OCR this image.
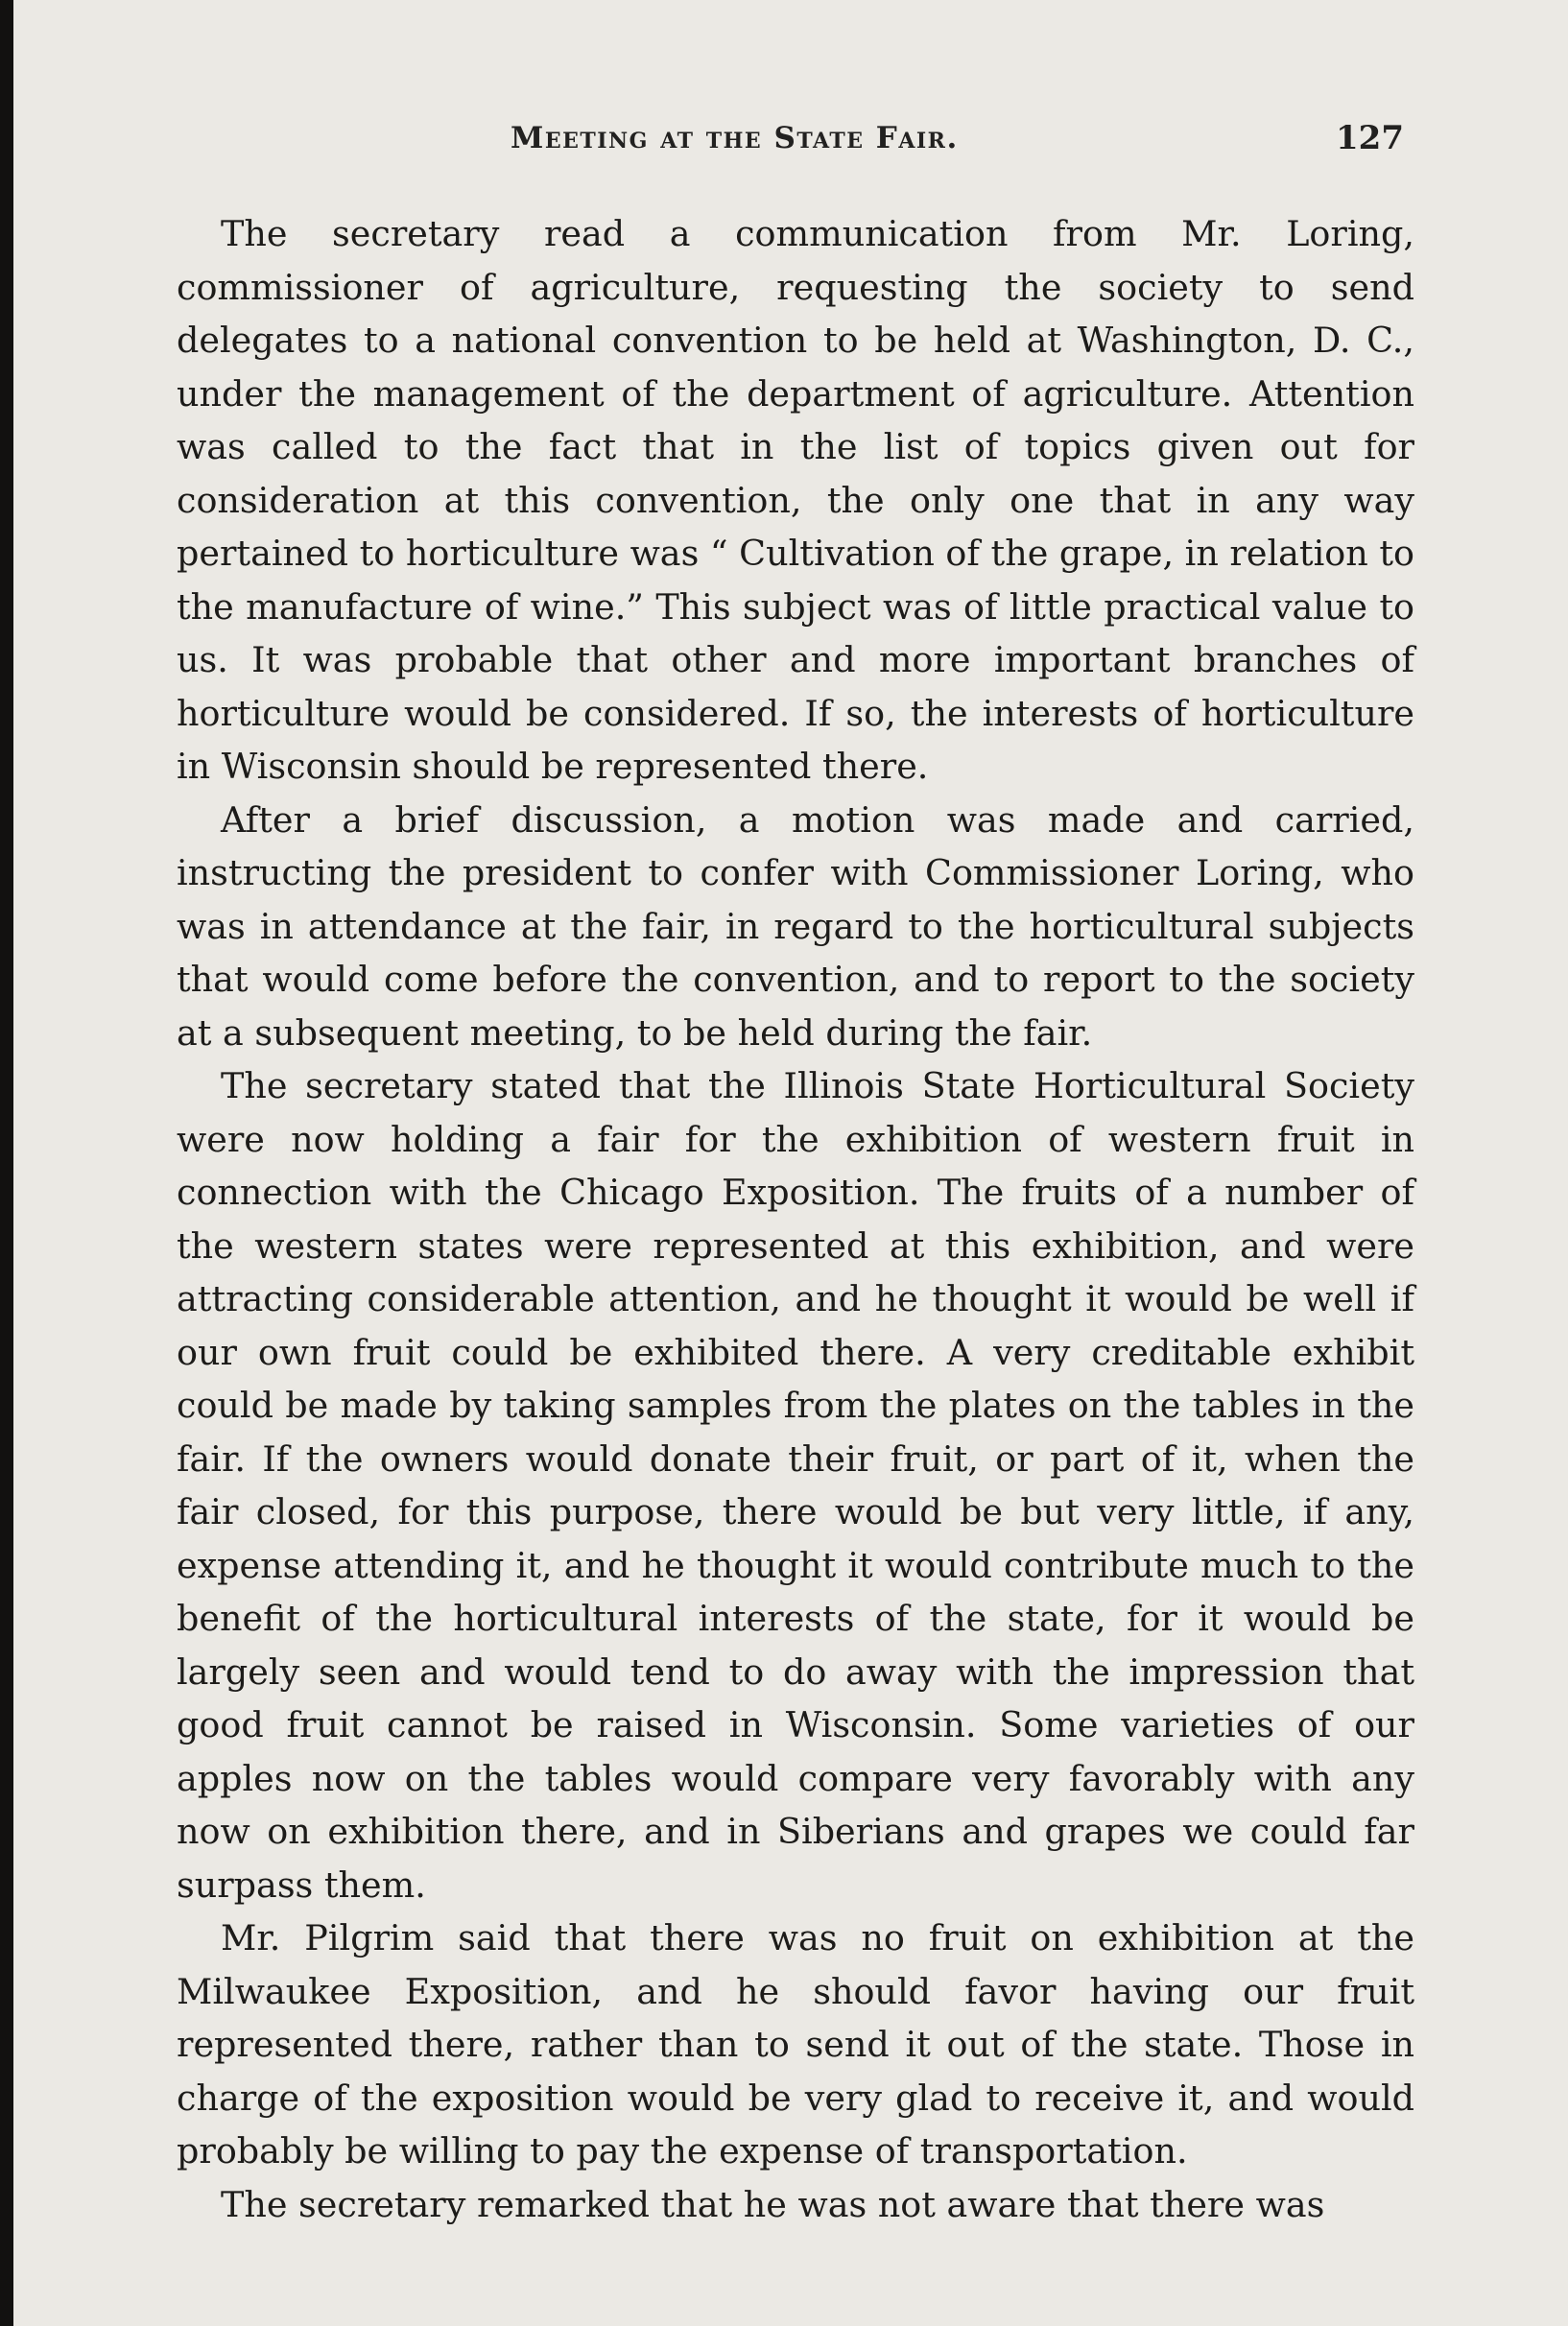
Meeting at the State Fair.	127

The secretary read a communication from Mr. Loring, commissioner of agriculture, requesting the society to send delegates to a national convention to be held at Washington, D. C., under the management of the department of agriculture. Attention was called to the fact that in the list of topics given out for consideration at this convention, the only one that in any way pertained to horticulture was “ Cultivation of the grape, in relation to the manufacture of wine.” This subject was of little practical value to us. It was probable that other and more important branches of horticulture would be considered. If so, the interests of horticulture in Wisconsin should be represented there.

After a brief discussion, a motion was made and carried, instructing the president to confer with Commissioner Loring, who was in attendance at the fair, in regard to the horticultural subjects that would come before the convention, and to report to the society at a subsequent meeting, to be held during the fair.

The secretary stated that the Illinois State Horticultural Society were now holding a fair for the exhibition of western fruit in connection with the Chicago Exposition. The fruits of a number of the western states were represented at this exhibition, and were attracting considerable attention, and he thought it would be well if our own fruit could be exhibited there. A very creditable exhibit could be made by taking samples from the plates on the tables in the fair. If the owners would donate their fruit, or part of it, when the fair closed, for this purpose, there would be but very little, if any, expense attending it, and he thought it would contribute much to the benefit of the horticultural interests of the state, for it would be largely seen and would tend to do away with the impression that good fruit cannot be raised in Wisconsin. Some varieties of our apples now on the tables would compare very favorably with any now on exhibition there, and in Siberians and grapes we could far surpass them.

Mr. Pilgrim said that there was no fruit on exhibition at the Milwaukee Exposition, and he should favor having our fruit represented there, rather than to send it out of the state. Those in charge of the exposition would be very glad to receive it, and would probably be willing to pay the expense of transportation.

The secretary remarked that he was not aware that there was
